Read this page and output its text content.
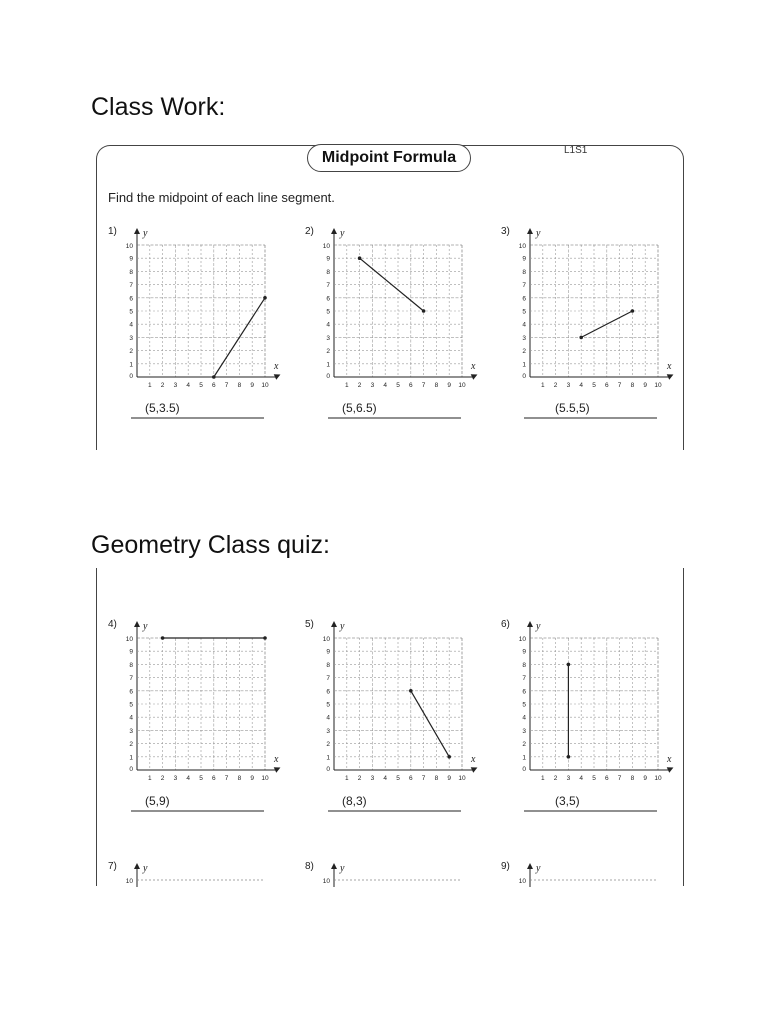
Class Work:
Midpoint Formula	L1S1
Find the midpoint of each line segment.
Geometry Class quiz:
1)	y
10
x
0
1
1
2
2
3
3
4
4
5
5
6
6
7
7
8
8
9
9
10
(5,3.5)
2)	y
10
x
0
1
1
2
2
3
3
4
4
5
5
6
6
7
7
8
8
9
9
10
(5,6.5)
3)	y
10
x
0
1
1
2
2
3
3
4
4
5
5
6
6
7
7
8
8
9
9
10
(5.5,5)
4)	y
10
x
0
1
1
2
2
3
3
4
4
5
5
6
6
7
7
8
8
9
9
10
(5,9)
5)	y
10
x
0
1
1
2
2
3
3
4
4
5
5
6
6
7
7
8
8
9
9
10
(8,3)
6)	y
10
x
0
1
1
2
2
3
3
4
4
5
5
6
6
7
7
8
8
9
9
10
(3,5)
7)	y
10
8)	y
10
9)	y
10
